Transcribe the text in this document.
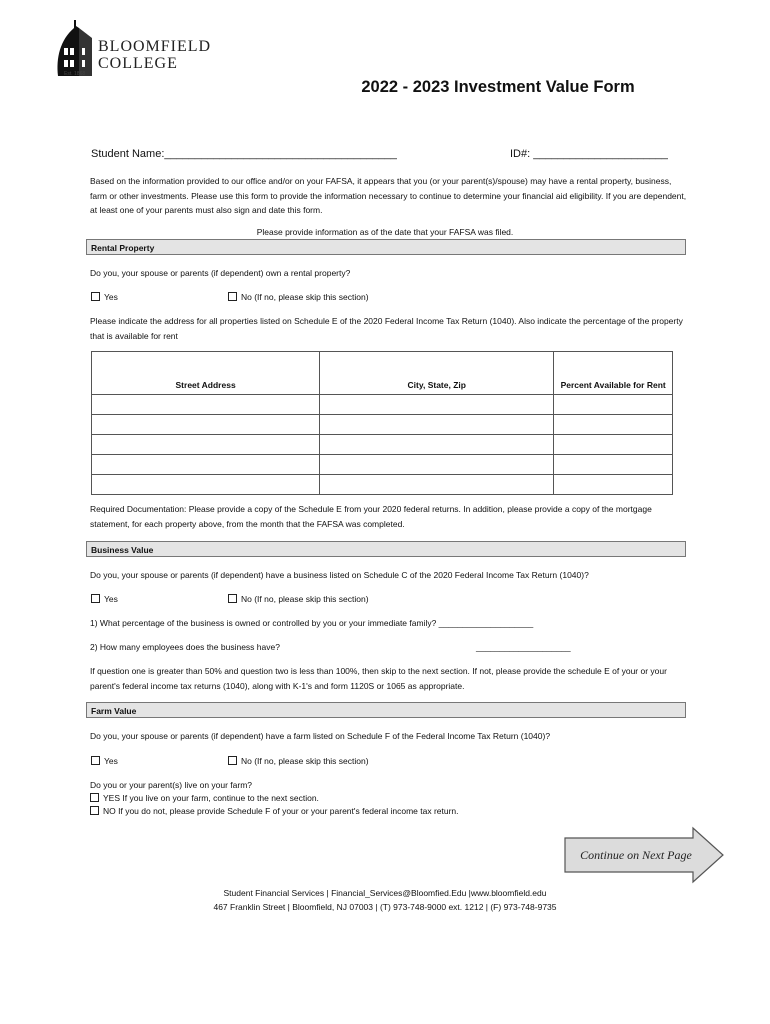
Est. 1868
BLOOMFIELD
COLLEGE
2022 - 2023 Investment Value Form
Student Name:______________________________________	ID#: ______________________
Based on the information provided to our office and/or on your FAFSA, it appears that you (or your parent(s)/spouse) may have a rental property, business, farm or other investments. Please use this form to provide the information necessary to continue to determine your financial aid eligibility. If you are dependent, at least one of your parents must also sign and date this form.
Please provide information as of the date that your FAFSA was filed.
Rental Property
Do you, your spouse or parents (if dependent) own a rental property?
Yes	No (If no, please skip this section)
Please indicate the address for all properties listed on Schedule E of the 2020 Federal Income Tax Return (1040). Also indicate the percentage of the property that is available for rent
Street Address	City, State, Zip	Percent Available for Rent

Required Documentation: Please provide a copy of the Schedule E from your 2020 federal returns. In addition, please provide a copy of the mortgage statement, for each property above, from the month that the FAFSA was completed.
Business Value
Do you, your spouse or parents (if dependent) have a business listed on Schedule C of the 2020 Federal Income Tax Return (1040)?
Yes	No (If no, please skip this section)
1) What percentage of the business is owned or controlled by you or your immediate family? ____________________
2) How many employees does the business have?	____________________
If question one is greater than 50% and question two is less than 100%, then skip to the next section. If not, please provide the schedule E of your or your parent's federal income tax returns (1040), along with K-1's and form 1120S or 1065 as appropriate.
Farm Value
Do you, your spouse or parents (if dependent) have a farm listed on Schedule F of the Federal Income Tax Return (1040)?
Yes	No (If no, please skip this section)
Do you or your parent(s) live on your farm?
YES If you live on your farm, continue to the next section.
NO If you do not, please provide Schedule F of your or your parent's federal income tax return.
Continue on Next Page
Student Financial Services | Financial_Services@Bloomfied.Edu |www.bloomfield.edu
467 Franklin Street | Bloomfield, NJ 07003 | (T) 973-748-9000 ext. 1212 | (F) 973-748-9735
